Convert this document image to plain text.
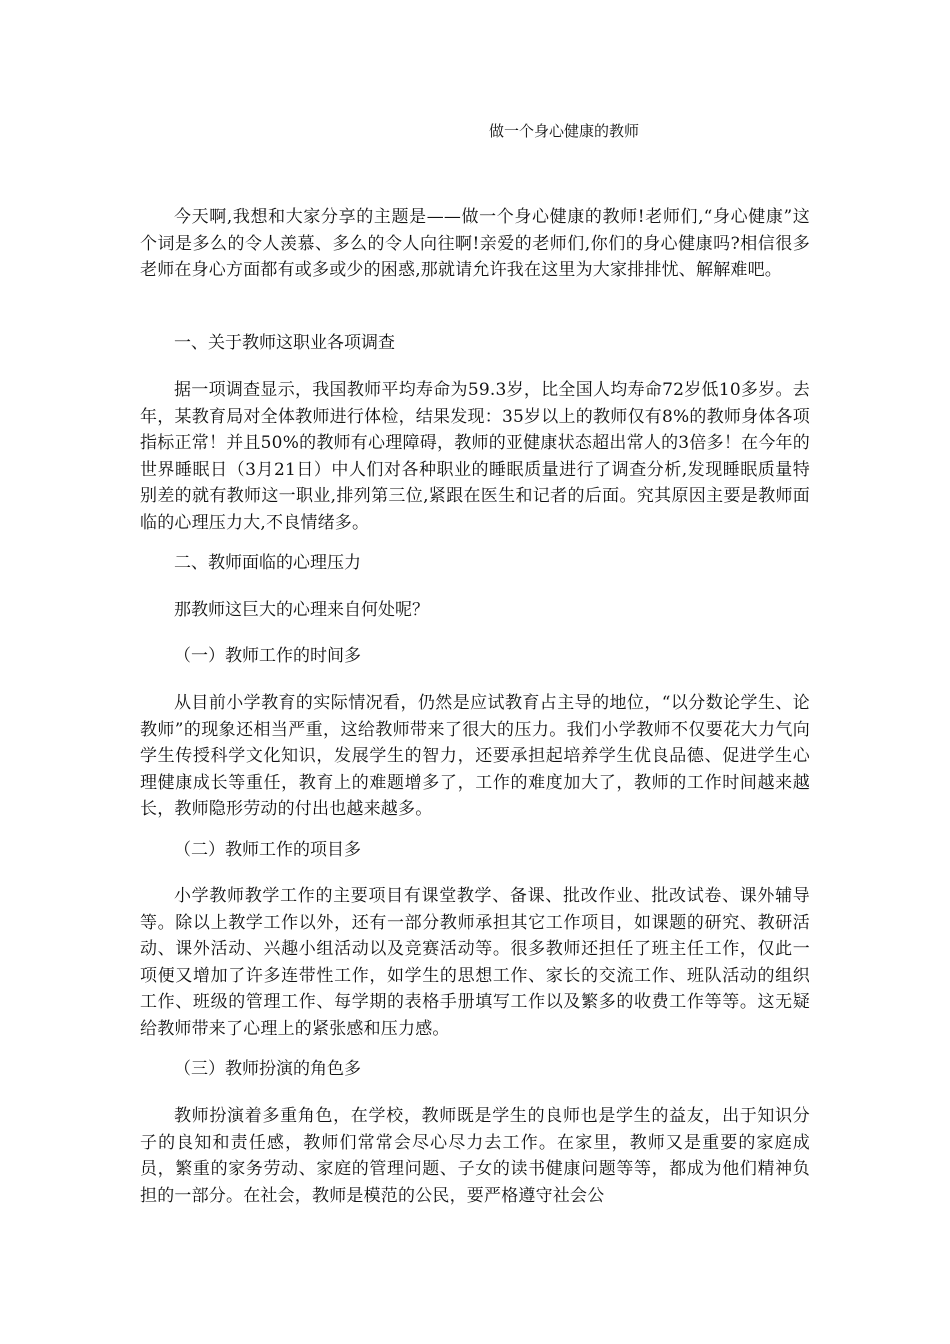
做一个身心健康的教师

今天啊,我想和大家分享的主题是——做一个身心健康的教师!老师们,“身心健康”这个词是多么的令人羡慕、多么的令人向往啊!亲爱的老师们,你们的身心健康吗?相信很多老师在身心方面都有或多或少的困惑,那就请允许我在这里为大家排排忧、解解难吧。

一、关于教师这职业各项调查

据一项调查显示，我国教师平均寿命为59.3岁，比全国人均寿命72岁低10多岁。去年，某教育局对全体教师进行体检，结果发现：35岁以上的教师仅有8%的教师身体各项指标正常！并且50%的教师有心理障碍，教师的亚健康状态超出常人的3倍多！在今年的世界睡眠日（3月21日）中人们对各种职业的睡眠质量进行了调查分析,发现睡眠质量特别差的就有教师这一职业,排列第三位,紧跟在医生和记者的后面。究其原因主要是教师面临的心理压力大,不良情绪多。

二、教师面临的心理压力

那教师这巨大的心理来自何处呢？

（一）教师工作的时间多

从目前小学教育的实际情况看，仍然是应试教育占主导的地位，“以分数论学生、论教师”的现象还相当严重，这给教师带来了很大的压力。我们小学教师不仅要花大力气向学生传授科学文化知识，发展学生的智力，还要承担起培养学生优良品德、促进学生心理健康成长等重任，教育上的难题增多了，工作的难度加大了，教师的工作时间越来越长，教师隐形劳动的付出也越来越多。

（二）教师工作的项目多

小学教师教学工作的主要项目有课堂教学、备课、批改作业、批改试卷、课外辅导等。除以上教学工作以外，还有一部分教师承担其它工作项目，如课题的研究、教研活动、课外活动、兴趣小组活动以及竞赛活动等。很多教师还担任了班主任工作，仅此一项便又增加了许多连带性工作，如学生的思想工作、家长的交流工作、班队活动的组织工作、班级的管理工作、每学期的表格手册填写工作以及繁多的收费工作等等。这无疑给教师带来了心理上的紧张感和压力感。

（三）教师扮演的角色多

教师扮演着多重角色，在学校，教师既是学生的良师也是学生的益友，出于知识分子的良知和责任感，教师们常常会尽心尽力去工作。在家里，教师又是重要的家庭成员，繁重的家务劳动、家庭的管理问题、子女的读书健康问题等等，都成为他们精神负担的一部分。在社会，教师是模范的公民，要严格遵守社会公
